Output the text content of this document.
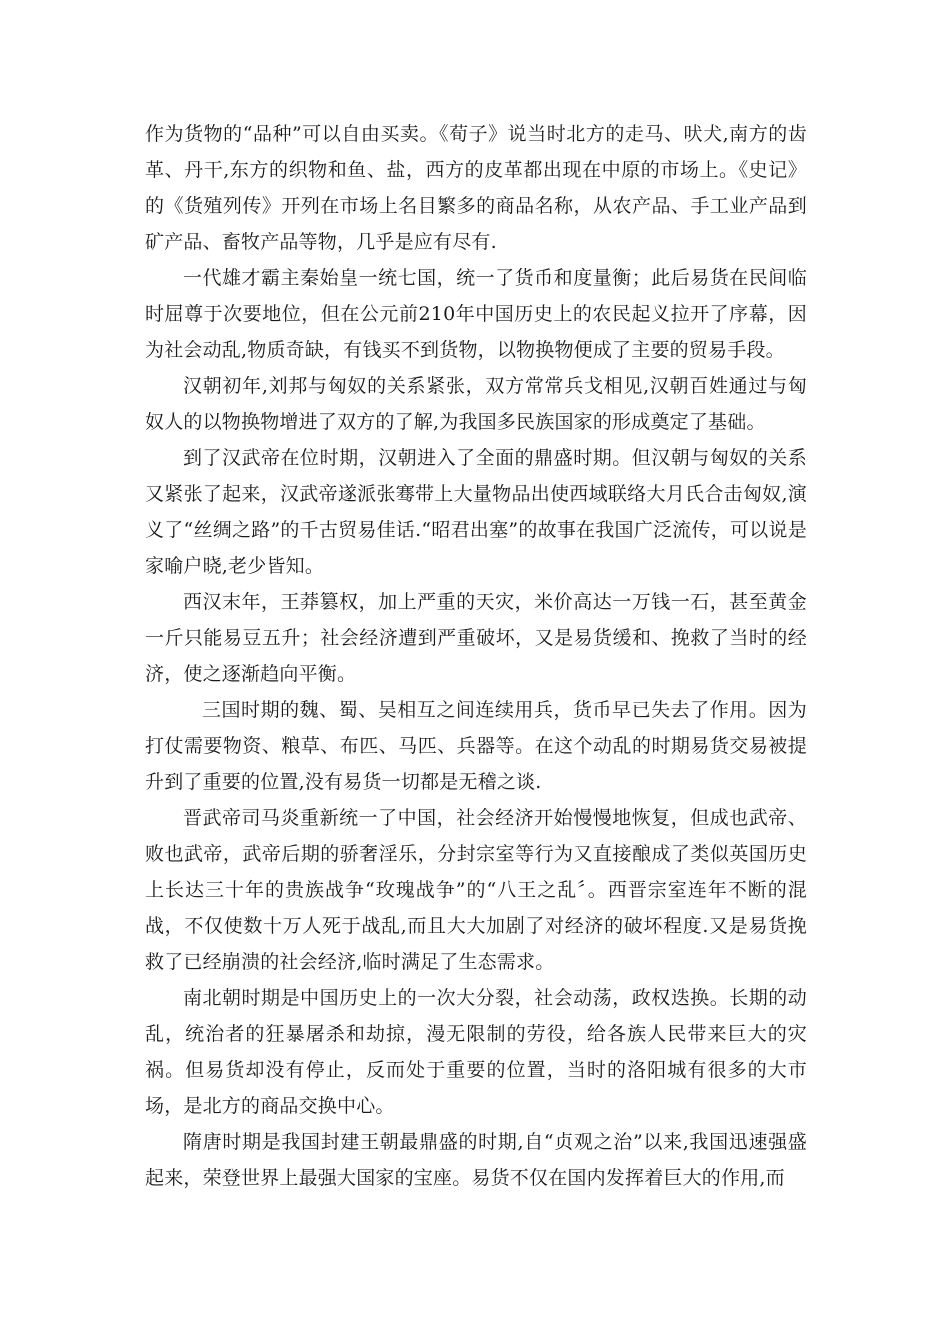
作为货物的“品种”可以自由买卖。《荀子》说当时北方的走马、吠犬,南方的齿革、丹干,东方的织物和鱼、盐，西方的皮革都出现在中原的市场上。《史记》的《货殖列传》开列在市场上名目繁多的商品名称，从农产品、手工业产品到矿产品、畜牧产品等物，几乎是应有尽有.

一代雄才霸主秦始皇一统七国，统一了货币和度量衡；此后易货在民间临时屈尊于次要地位，但在公元前210年中国历史上的农民起义拉开了序幕，因为社会动乱,物质奇缺，有钱买不到货物，以物换物便成了主要的贸易手段。

汉朝初年,刘邦与匈奴的关系紧张，双方常常兵戈相见,汉朝百姓通过与匈奴人的以物换物增进了双方的了解,为我国多民族国家的形成奠定了基础。

到了汉武帝在位时期，汉朝进入了全面的鼎盛时期。但汉朝与匈奴的关系又紧张了起来，汉武帝遂派张骞带上大量物品出使西域联络大月氏合击匈奴,演义了“丝绸之路”的千古贸易佳话.“昭君出塞”的故事在我国广泛流传，可以说是家喻户晓,老少皆知。

西汉末年，王莽篡权，加上严重的天灾，米价高达一万钱一石，甚至黄金一斤只能易豆五升；社会经济遭到严重破坏，又是易货缓和、挽救了当时的经济，使之逐渐趋向平衡。

三国时期的魏、蜀、吴相互之间连续用兵，货币早已失去了作用。因为打仗需要物资、粮草、布匹、马匹、兵器等。在这个动乱的时期易货交易被提升到了重要的位置,没有易货一切都是无稽之谈.

晋武帝司马炎重新统一了中国，社会经济开始慢慢地恢复，但成也武帝、败也武帝，武帝后期的骄奢淫乐，分封宗室等行为又直接酿成了类似英国历史上长达三十年的贵族战争“玫瑰战争”的“八王之乱〞。西晋宗室连年不断的混战，不仅使数十万人死于战乱,而且大大加剧了对经济的破坏程度.又是易货挽救了已经崩溃的社会经济,临时满足了生态需求。

南北朝时期是中国历史上的一次大分裂，社会动荡，政权迭换。长期的动乱，统治者的狂暴屠杀和劫掠，漫无限制的劳役，给各族人民带来巨大的灾祸。但易货却没有停止，反而处于重要的位置，当时的洛阳城有很多的大市场，是北方的商品交换中心。

隋唐时期是我国封建王朝最鼎盛的时期,自“贞观之治”以来,我国迅速强盛起来，荣登世界上最强大国家的宝座。易货不仅在国内发挥着巨大的作用,而
